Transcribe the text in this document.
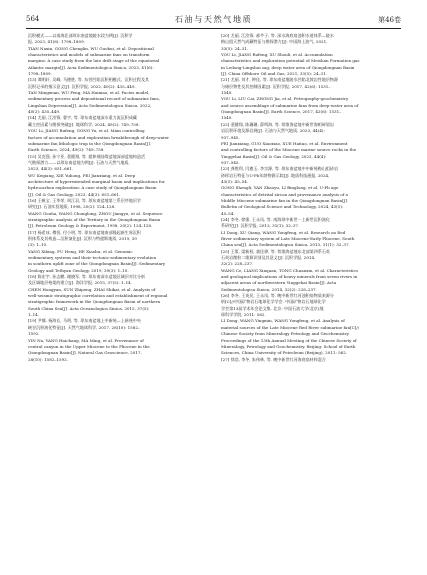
564	石油与天然气地质	第46卷

沉积模式——以南海北部琼东南盆地陵水段为例[J]. 沉积学
报, 2023, 41(6): 1798–1809.
TIAN Naxin, GONG Chenglin, WU Guokui, et al. Depositional
characteristics and models of submarine fans on transform
margins: A case study from the late drift stage of the equatorial
Atlantic margin[J]. Acta Sedimentologica Sinica, 2023, 41(6):
1798–1809.

[13] 谭明轩, 吴峰, 马德胜, 等. 东营凹陷沉积相模式、沉积过程及其
沉积记录的指示意义[J]. 沉积学报, 2022, 40(2): 435–449.
TAN Mingxuan, WU Feng, MA Haimao, et al. Facies model,
sedimentary process and depositional record of submarine fans,
Lingshan Depression[J]. Acta Sedimentologica Sinica, 2022,
40(2): 435–449.

[14] 尤丽, 江汝锋, 曹宇, 等. 琼东南盆地深水重力流沉积成藏
藏主控因素与勘探突破[J]. 地球科学, 2024, 49(2): 749–758.
YOU Li, JIANG Rufeng, GONG Yu, et al. Main controlling
factors of accumulation and exploration breakthrough of deep-water
submarine fan lithologic trap in the Qiongdongnan Basin[J].
Earth Science, 2024, 49(2): 749–758.

[15] 吴克强, 孙宁亚, 裴健翔, 等. 超伸展陆缘盆地深部盆地构造活
气勘探潜力——以琼东南盆地为例[J]. 石油与天然气地质,
2023, 44(3): 651–661.
WU Keqiang, XIE Yuhong, PEI Jianxiang, et al. Deep
architecture of hyperextended marginal basin and implications for
hydrocarbon exploration: A case study of Qiongdongnan Basin
[J]. Oil & Gas Geology, 2023, 44(3): 651–661.

[16] 王帆宝, 王华荣, 周江羽, 等. 琼东南盆地第三系层序地层学
研究[J]. 石油实验地质, 1998, 20(2): 124–128.
WANG Gouha, WANG Chonglong, ZHOU Jiangyu, et al. Sequence
stratigraphic analysis of the Tertiary in the Qiongdongnan Basin
[J]. Petroleum Geology & Experiment, 1998, 20(2): 124–128.

[17] 杨希冰, 傅恒, 付小明, 等. 琼东南盆地南部隆起新生界沉积
积体系及其构造—沉积演化[J]. 沉积与特提斯地质, 2019, 39
(3): 1–10.
YANG Xibing, FU Heng, HE Xiaohu, et al. Genomic
sedimentary systems and their tectonic-sedimentary evolution
in southern uplift zone of the Qiongdongnan Basin[J]. Sedimentary
Geology and Tethyan Geology, 2019, 39(3): 1–10.

[18] 陈宏宇, 孙志鹏, 谢晓军, 等. 琼东南深水盆地区域层对比分析
及区域地层格架的建立[J]. 海洋学报, 2015, 37(5): 1–14.
CHEN Hongyan, SUN Zhipeng, ZHAI Shikai, et al. Analysis of
well-seismic stratigraphic correlation and establishment of regional
stratigraphic framework in the Qiongdongnan Basin of northern
South China Sea[J]. Acta Oceanologica Sinica, 2015, 37(5):
1–14.

[19] 尹娜, 杨海长, 马明, 等. 琼东南盆地上中新统—上新统中央
峡谷沉积演化特征[J]. 天然气地球科学, 2017, 28(10): 1582–
1592.
YIN Na, YANG Haichang, MA Ming, et al. Provenance of
central canyon in the Upper Miocene to the Pliocene in the
Qiongdongnan Basin[J]. Natural Gas Geoscience, 2017,
28(10): 1582–1592.

[20] 尤丽, 江汝锋, 郝芊子, 等. 深水海底扇浊积水道体系—陵水
梅山组天然气成藏特征与勘探潜力[J]. 中国海上油气, 2021,
33(5): 24–31.
YOU Li, JIANG Rufeng, XU Shouli, et al. Accumulation
characteristics and exploration potential of Meishan Formation gas
in Ledong-Lingshui sag, deep water area of Qiongdongnan Basin
[J]. China Offshore Oil and Gas, 2021, 33(5): 24–31.

[21] 尤丽, 刘才, 钟佳, 等. 琼东南盆地陵水凹陷北坡岩性地层物源
与储层物性及其控制因素[J]. 沉积学报, 2017, 42(6): 1531–
1540.
YOU Li, LIU Cai, ZHONG Jia, et al. Petrography-geochemistry
and source assemblage of submarine fans from deep-water area of
Qiongdongnan Basin[J]. Earth Science, 2017, 42(6): 1531–
1540.

[22] 裴健翔, 陈珊珊, 薛鸣海, 等. 莺歌海盆地中新世海相碎屑岩
岩沉积环境及源岩展[J]. 石油与天然气地质, 2023, 44(4):
937–945.
PEI Jianxiang, GUO Xiaoxiao, XUE Haitao, et al. Environment
and controlling factors of the Miocene marine source rocks in the
Yinggehai Basin[J]. Oil & Gas Geology, 2023, 44(4):
937–945.

[23] 龚胜利, 闫旗玉, 李宗源, 等. 琼东南盆地中中新统梅山组砂岩
砂样岩石特征与U-Pb年龄物源示踪[J]. 地质科技通报, 2024,
43(5): 45–54.
GONG Shengli, YAN Zhaoyu, LI Binglong, et al. U-Pb age
characteristics of detrital zircon and provenance analysis of a
Middle Miocene submarine fan in the Qiongdongnan Basin[J].
Bulletin of Geological Science and Technology, 2024, 43(5):
45–54.

[24] 李冬, 徐强, 王永凤, 等. 南海琼中新世一上新世沉积演化
系研究[J]. 沉积学报, 2013, 31(1): 32–37.
LI Dong, XU Qiang, WANG Yongfeng, et al. Research on Red
River sedimentary system of Late Miocene-Early Pliocene, South
China sea[J]. Acta Sedimentologica Sinica, 2013, 31(1): 32–37.

[25] 王策, 梁新权, 童佳骅, 等. 莺歌海盆地东北部第四系石英
石英岩微粒二维源识别及其意义[J]. 沉积学报, 2014,
32(2): 228–237.
WANG Ce, LIANG Xinquan, TONG Chuanxin, et al. Characteristics
and geological implications of heavy minerals from seven rivers in
adjacent areas of northwestern Yinggehai Basin[J]. Acta
Sedimentologica Sinica, 2014, 32(2): 228–237.

[26] 李冬, 王英民, 王永凤, 等. 晚中新世红河浊积扇物质来源分
析[C]//中国矿物岩石地球化学学会. 中国矿物岩石地球化学
学会第13届学术年会论文集. 北京: 中国石油大学(北京)地
球科学学院, 2011: 562.
LI Dong, WANG Yingmin, WANG Yongfeng, et al. Analysis of
material sources of the Late Miocene Red River submarine fan[C]//
Chinese Society from Mineralogy Petrology and Geochemistry.
Proceedings of the 13th Annual Meeting of the Chinese Society of
Mineralogy, Petrology and Geochemistry. Beijing: School of Earth
Sciences, China University of Petroleum (Beijing), 2011: 562.

[27] 徐浩, 李冬, 朱伟林, 等. 晚中新世红河海底扇材料混合
